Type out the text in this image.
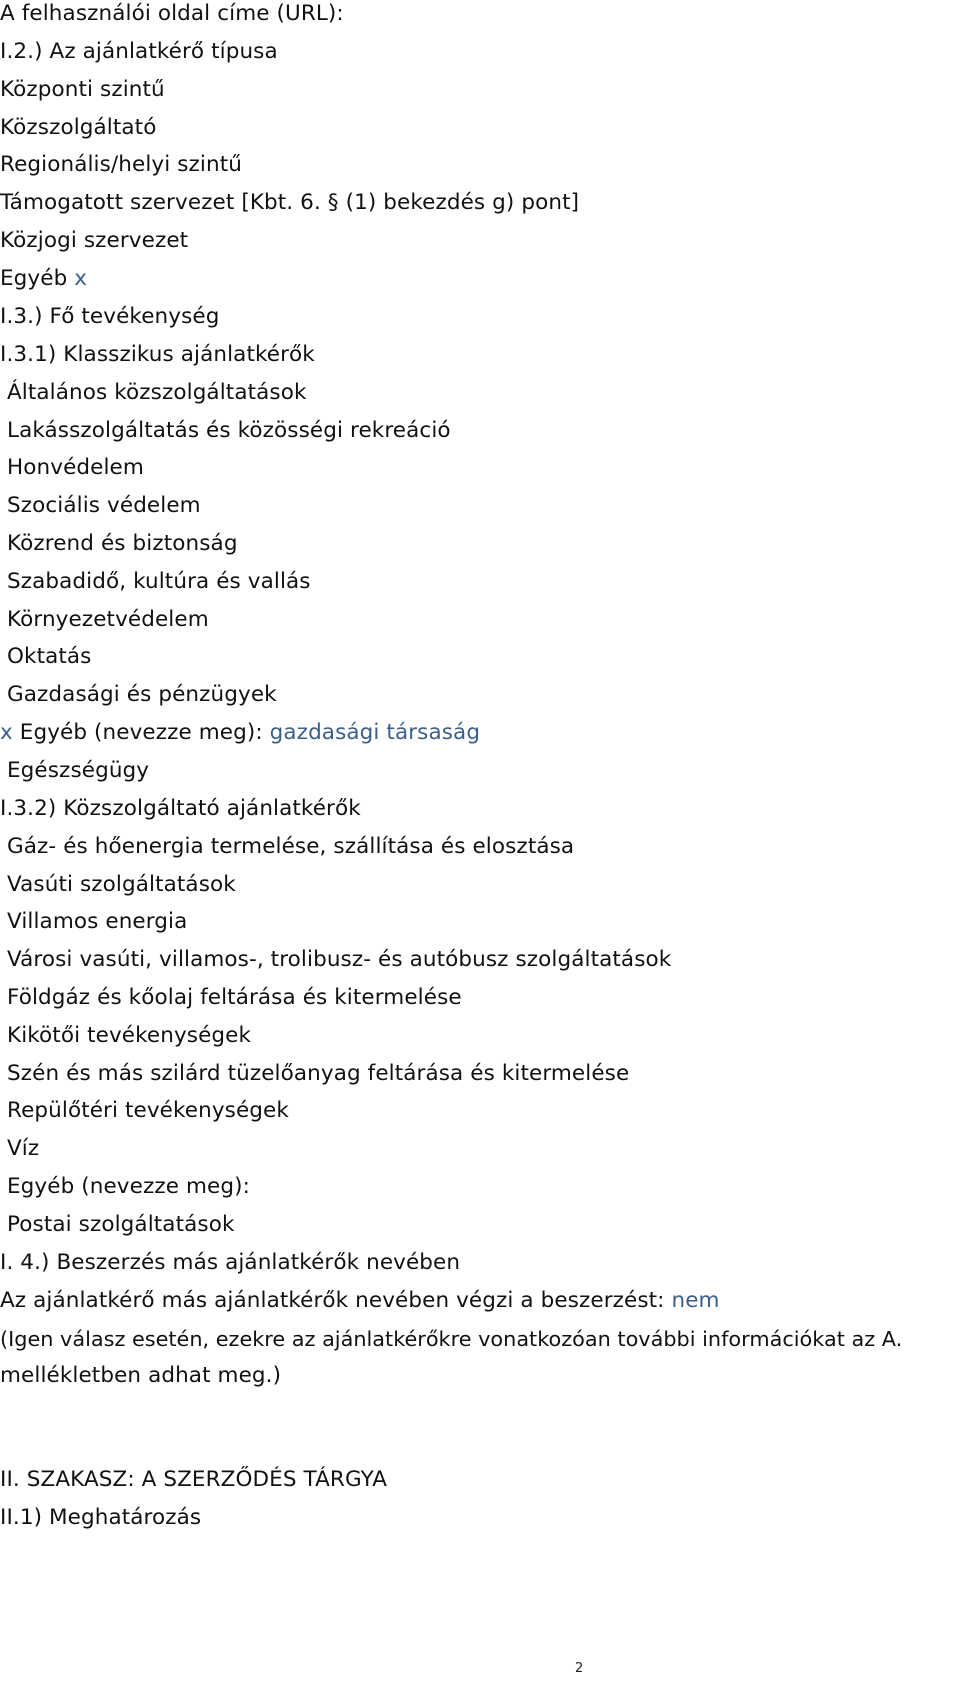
A felhasználói oldal címe (URL):
I.2.) Az ajánlatkérő típusa
Központi szintű
Közszolgáltató
Regionális/helyi szintű
Támogatott szervezet [Kbt. 6. § (1) bekezdés g) pont]
Közjogi szervezet
Egyéb x
I.3.) Fő tevékenység
I.3.1) Klasszikus ajánlatkérők
Általános közszolgáltatások
Lakásszolgáltatás és közösségi rekreáció
Honvédelem
Szociális védelem
Közrend és biztonság
Szabadidő, kultúra és vallás
Környezetvédelem
Oktatás
Gazdasági és pénzügyek
x Egyéb (nevezze meg): gazdasági társaság
Egészségügy
I.3.2) Közszolgáltató ajánlatkérők
Gáz- és hőenergia termelése, szállítása és elosztása
Vasúti szolgáltatások
Villamos energia
Városi vasúti, villamos-, trolibusz- és autóbusz szolgáltatások
Földgáz és kőolaj feltárása és kitermelése
Kikötői tevékenységek
Szén és más szilárd tüzelőanyag feltárása és kitermelése
Repülőtéri tevékenységek
Víz
Egyéb (nevezze meg):
Postai szolgáltatások
I. 4.) Beszerzés más ajánlatkérők nevében
Az ajánlatkérő más ajánlatkérők nevében végzi a beszerzést: nem
(Igen válasz esetén, ezekre az ajánlatkérőkre vonatkozóan további információkat az A.
mellékletben adhat meg.)
II. SZAKASZ: A SZERZŐDÉS TÁRGYA
II.1) Meghatározás
2
